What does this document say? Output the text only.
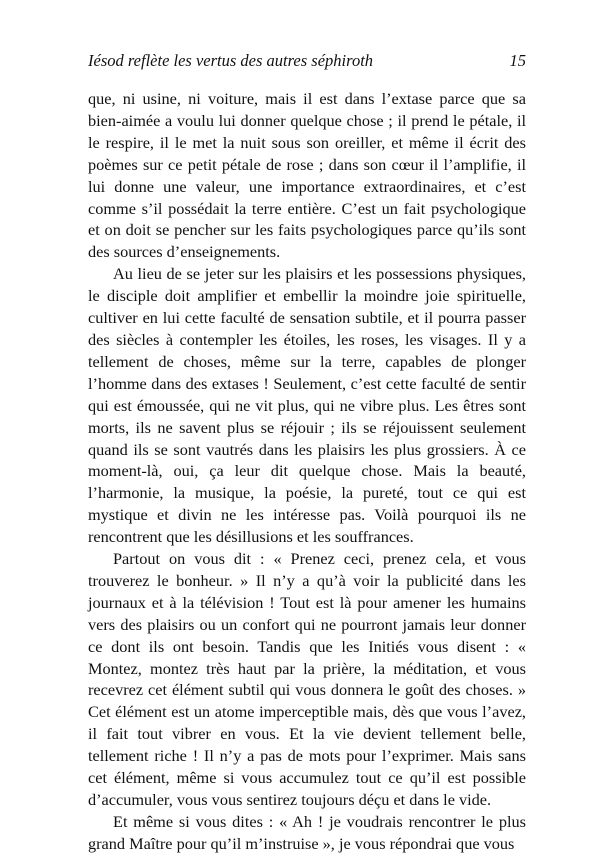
Iésod reflète les vertus des autres séphiroth	15

que, ni usine, ni voiture, mais il est dans l’extase parce que sa bien-aimée a voulu lui donner quelque chose ; il prend le pétale, il le respire, il le met la nuit sous son oreiller, et même il écrit des poèmes sur ce petit pétale de rose ; dans son cœur il l’amplifie, il lui donne une valeur, une importance extraordinaires, et c’est comme s’il possédait la terre entière. C’est un fait psychologique et on doit se pencher sur les faits psychologiques parce qu’ils sont des sources d’enseignements.

Au lieu de se jeter sur les plaisirs et les possessions physiques, le disciple doit amplifier et embellir la moindre joie spirituelle, cultiver en lui cette faculté de sensation subtile, et il pourra passer des siècles à contempler les étoiles, les roses, les visages. Il y a tellement de choses, même sur la terre, capables de plonger l’homme dans des extases ! Seulement, c’est cette faculté de sentir qui est émoussée, qui ne vit plus, qui ne vibre plus. Les êtres sont morts, ils ne savent plus se réjouir ; ils se réjouissent seulement quand ils se sont vautrés dans les plaisirs les plus grossiers. À ce moment-là, oui, ça leur dit quelque chose. Mais la beauté, l’harmonie, la musique, la poésie, la pureté, tout ce qui est mystique et divin ne les intéresse pas. Voilà pourquoi ils ne rencontrent que les désillusions et les souffrances.

Partout on vous dit : « Prenez ceci, prenez cela, et vous trouverez le bonheur. » Il n’y a qu’à voir la publicité dans les journaux et à la télévision ! Tout est là pour amener les humains vers des plaisirs ou un confort qui ne pourront jamais leur donner ce dont ils ont besoin. Tandis que les Initiés vous disent : « Montez, montez très haut par la prière, la méditation, et vous recevrez cet élément subtil qui vous donnera le goût des choses. » Cet élément est un atome imperceptible mais, dès que vous l’avez, il fait tout vibrer en vous. Et la vie devient tellement belle, tellement riche ! Il n’y a pas de mots pour l’exprimer. Mais sans cet élément, même si vous accumulez tout ce qu’il est possible d’accumuler, vous vous sentirez toujours déçu et dans le vide.

Et même si vous dites : « Ah ! je voudrais rencontrer le plus grand Maître pour qu’il m’instruise », je vous répondrai que vous
